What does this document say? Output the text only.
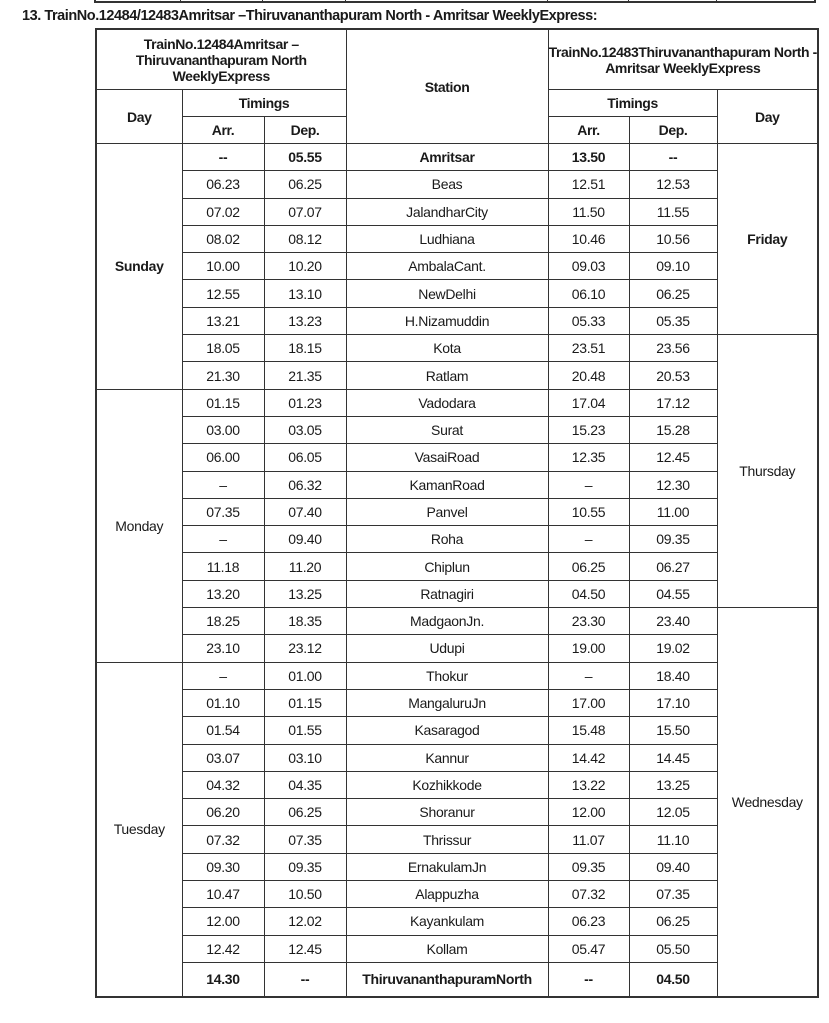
13. TrainNo.12484/12483Amritsar –Thiruvananthapuram North - Amritsar WeeklyExpress:
TrainNo.12484Amritsar – Thiruvananthapuram North WeeklyExpress			Station	TrainNo.12483Thiruvananthapuram North - Amritsar WeeklyExpress		
Day	Timings			Timings		Day
	Arr.	Dep.		Arr.	Dep.	
Sunday	--	05.55	Amritsar	13.50	--	Friday
	06.23	06.25	Beas	12.51	12.53	
	07.02	07.07	JalandharCity	11.50	11.55	
	08.02	08.12	Ludhiana	10.46	10.56	
	10.00	10.20	AmbalaCant.	09.03	09.10	
	12.55	13.10	NewDelhi	06.10	06.25	
	13.21	13.23	H.Nizamuddin	05.33	05.35	
	18.05	18.15	Kota	23.51	23.56	Thursday
	21.30	21.35	Ratlam	20.48	20.53	
Monday	01.15	01.23	Vadodara	17.04	17.12	
	03.00	03.05	Surat	15.23	15.28	
	06.00	06.05	VasaiRoad	12.35	12.45	
	–	06.32	KamanRoad	–	12.30	
	07.35	07.40	Panvel	10.55	11.00	
	–	09.40	Roha	–	09.35	
	11.18	11.20	Chiplun	06.25	06.27	
	13.20	13.25	Ratnagiri	04.50	04.55	
	18.25	18.35	MadgaonJn.	23.30	23.40	Wednesday
	23.10	23.12	Udupi	19.00	19.02	
Tuesday	–	01.00	Thokur	–	18.40	
	01.10	01.15	MangaluruJn	17.00	17.10	
	01.54	01.55	Kasaragod	15.48	15.50	
	03.07	03.10	Kannur	14.42	14.45	
	04.32	04.35	Kozhikkode	13.22	13.25	
	06.20	06.25	Shoranur	12.00	12.05	
	07.32	07.35	Thrissur	11.07	11.10	
	09.30	09.35	ErnakulamJn	09.35	09.40	
	10.47	10.50	Alappuzha	07.32	07.35	
	12.00	12.02	Kayankulam	06.23	06.25	
	12.42	12.45	Kollam	05.47	05.50	
	14.30	--	ThiruvananthapuramNorth	--	04.50	
